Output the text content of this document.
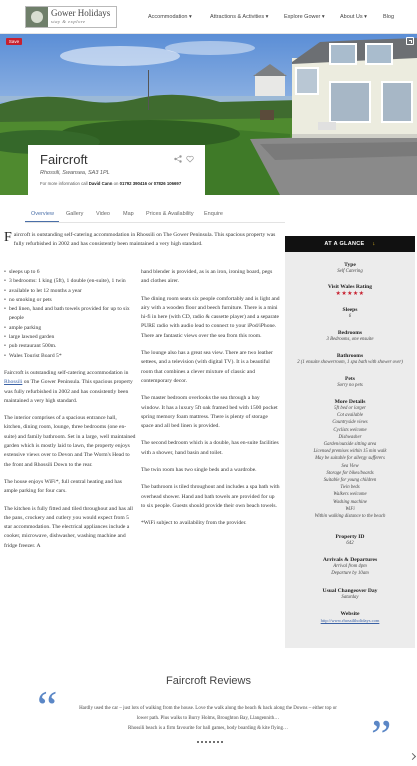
Gower Holidays
stay & explore
Accommodation ▾	Attractions & Activities ▾	Explore Gower ▾	About Us ▾	Blog
Save
Faircroft
Rhossili, Swansea, SA3 1PL
For more information call David Cann on 01792 390416 or 07826 106697
Overview Gallery Video Map Prices & Availability Enquire
Faircroft is outstanding self-catering accommodation in Rhossili on The Gower Peninsula. This spacious property was fully refurbished in 2002 and has consistently been maintained a very high standard.
• sleeps up to 6
• 3 bedrooms: 1 king (5ft), 1 double (en-suite), 1 twin
• available to let 12 months a year
• no smoking or pets
• bed linen, hand and bath towels provided for up to six people
• ample parking
• large lawned garden
• pub restaurant 500m.
• Wales Tourist Board 5*

Faircroft is outstanding self-catering accommodation in Rhossili on The Gower Peninsula. This spacious property was fully refurbished in 2002 and has consistently been maintained a very high standard.

The interior comprises of a spacious entrance hall, kitchen, dining room, lounge, three bedrooms (one en-suite) and family bathroom. Set in a large, well maintained garden which is mostly laid to lawn, the property enjoys extensive views over to Devon and The Worm's Head to the front and Rhossili Down to the rear.

The house enjoys WiFi*, full central heating and has ample parking for four cars.

The kitchen is fully fitted and tiled throughout and has all the pans, crockery and cutlery you would expect from 5 star accommodation. The electrical appliances include a cooker, microwave, dishwasher, washing machine and fridge freezer. A

hand blender is provided, as is an iron, ironing board, pegs and clothes airer.

The dining room seats six people comfortably and is light and airy with a wooden floor and beech furniture. There is a mini hi-fi in here (with CD, radio & cassette player) and a separate PURE radio with audio lead to connect to your iPod/iPhone. There are fantastic views over the sea from this room.

The lounge also has a great sea view. There are two leather settees, and a television (with digital TV). It is a beautiful room that combines a clever mixture of classic and contemporary decor.

The master bedroom overlooks the sea through a bay window. It has a luxury 5ft oak framed bed with 1500 pocket spring memory foam mattress. There is plenty of storage space and all bed linen is provided.

The second bedroom which is a double, has en-suite facilities with a shower, hand basin and toilet.

The twin room has two single beds and a wardrobe.

The bathroom is tiled throughout and includes a spa bath with overhead shower. Hand and bath towels are provided for up to six people. Guests should provide their own beach towels.

*WiFi subject to availability from the provider.

AT A GLANCE ↓
Type
Self Catering
Visit Wales Rating
★★★★★
Sleeps
6
Bedrooms
3 Bedrooms, one ensuite
Bathrooms
2 (1 ensuite showerroom, 1 spa bath with shower over)
Pets
Sorry no pets
More Details
5ft bed or larger
Cot available
Countryside views
Cyclists welcome
Dishwasher
Garden/outside sitting area
Licensed premises within 15 min walk
May be suitable for allergy sufferers
Sea View
Storage for bikes/boards
Suitable for young children
Twin beds
Walkers welcome
Washing machine
WiFi
Within walking distance to the beach
Property ID
642
Arrivals & Departures
Arrival from 4pm
Departure by 10am
Usual Changeover Day
Saturday
Website
http://www.rhossiliholidays.com
Faircroft Reviews
“	Hardly used the car – just lots of walking from the house. Love the walk along the beach & back along the Downs – either top or
lower path. Plus walks to Burry Holms, Broughton Bay, Llangennith…
Rhossili beach is a firm favourite for ball games, body boarding & kite flying…	”
